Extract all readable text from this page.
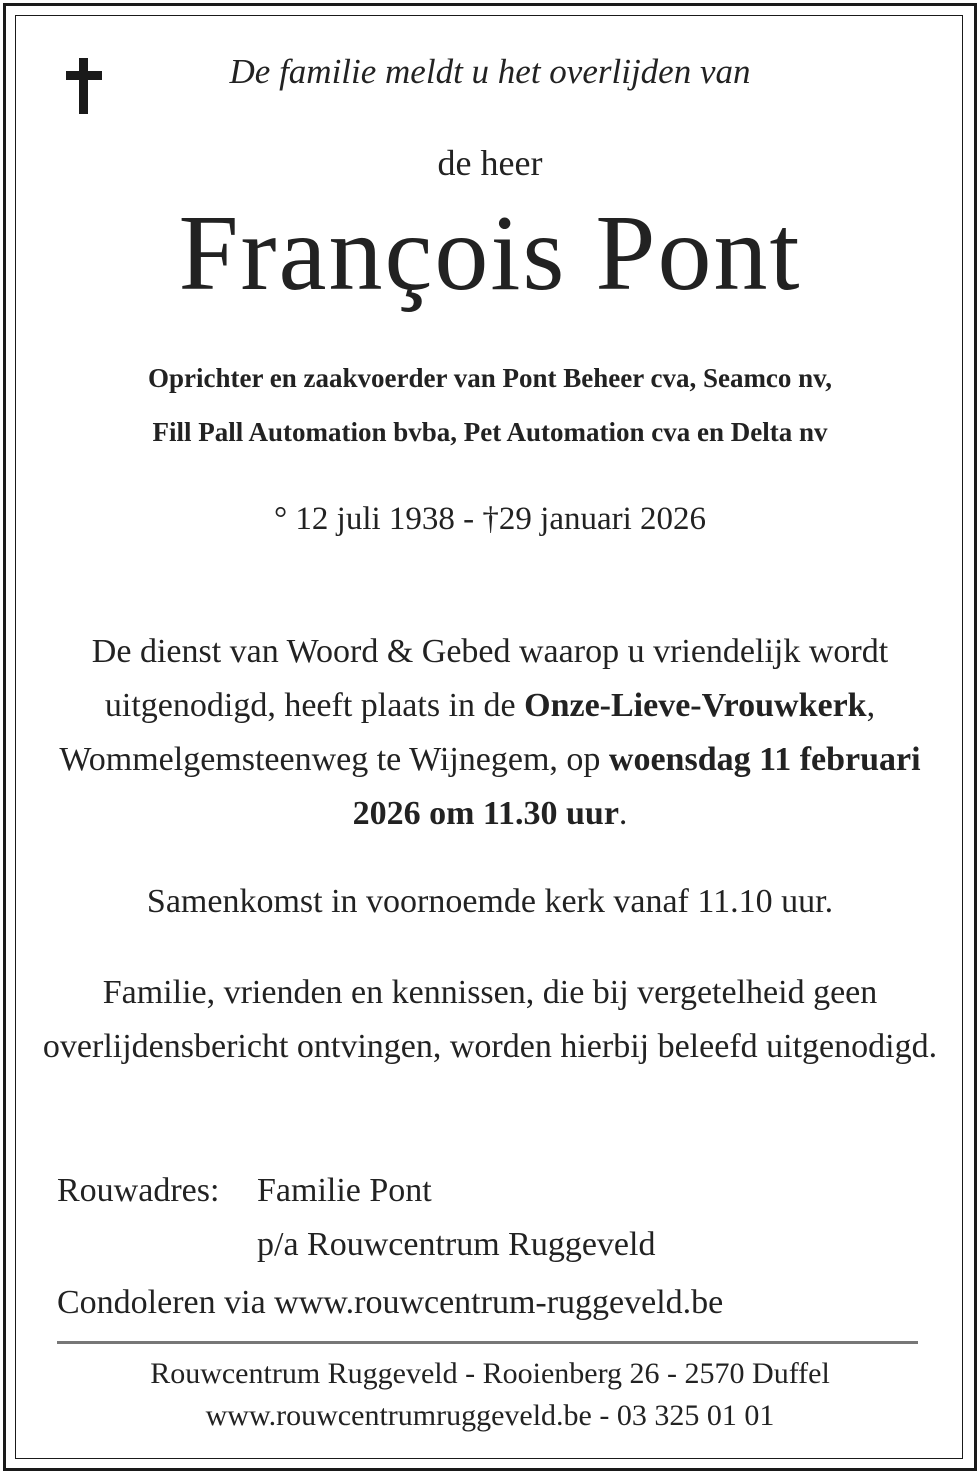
De familie meldt u het overlijden van
de heer
François Pont
Oprichter en zaakvoerder van Pont Beheer cva, Seamco nv,
Fill Pall Automation bvba, Pet Automation cva en Delta nv
° 12 juli 1938 - †29 januari 2026
De dienst van Woord & Gebed waarop u vriendelijk wordt uitgenodigd, heeft plaats in de Onze-Lieve-Vrouwkerk, Wommelgemsteenweg te Wijnegem, op woensdag 11 februari 2026 om 11.30 uur.
Samenkomst in voornoemde kerk vanaf 11.10 uur.
Familie, vrienden en kennissen, die bij vergetelheid geen overlijdensbericht ontvingen, worden hierbij beleefd uitgenodigd.
Rouwadres: Familie Pont
p/a Rouwcentrum Ruggeveld
Condoleren via www.rouwcentrum-ruggeveld.be
Rouwcentrum Ruggeveld - Rooienberg 26 - 2570 Duffel
www.rouwcentrumruggeveld.be - 03 325 01 01
